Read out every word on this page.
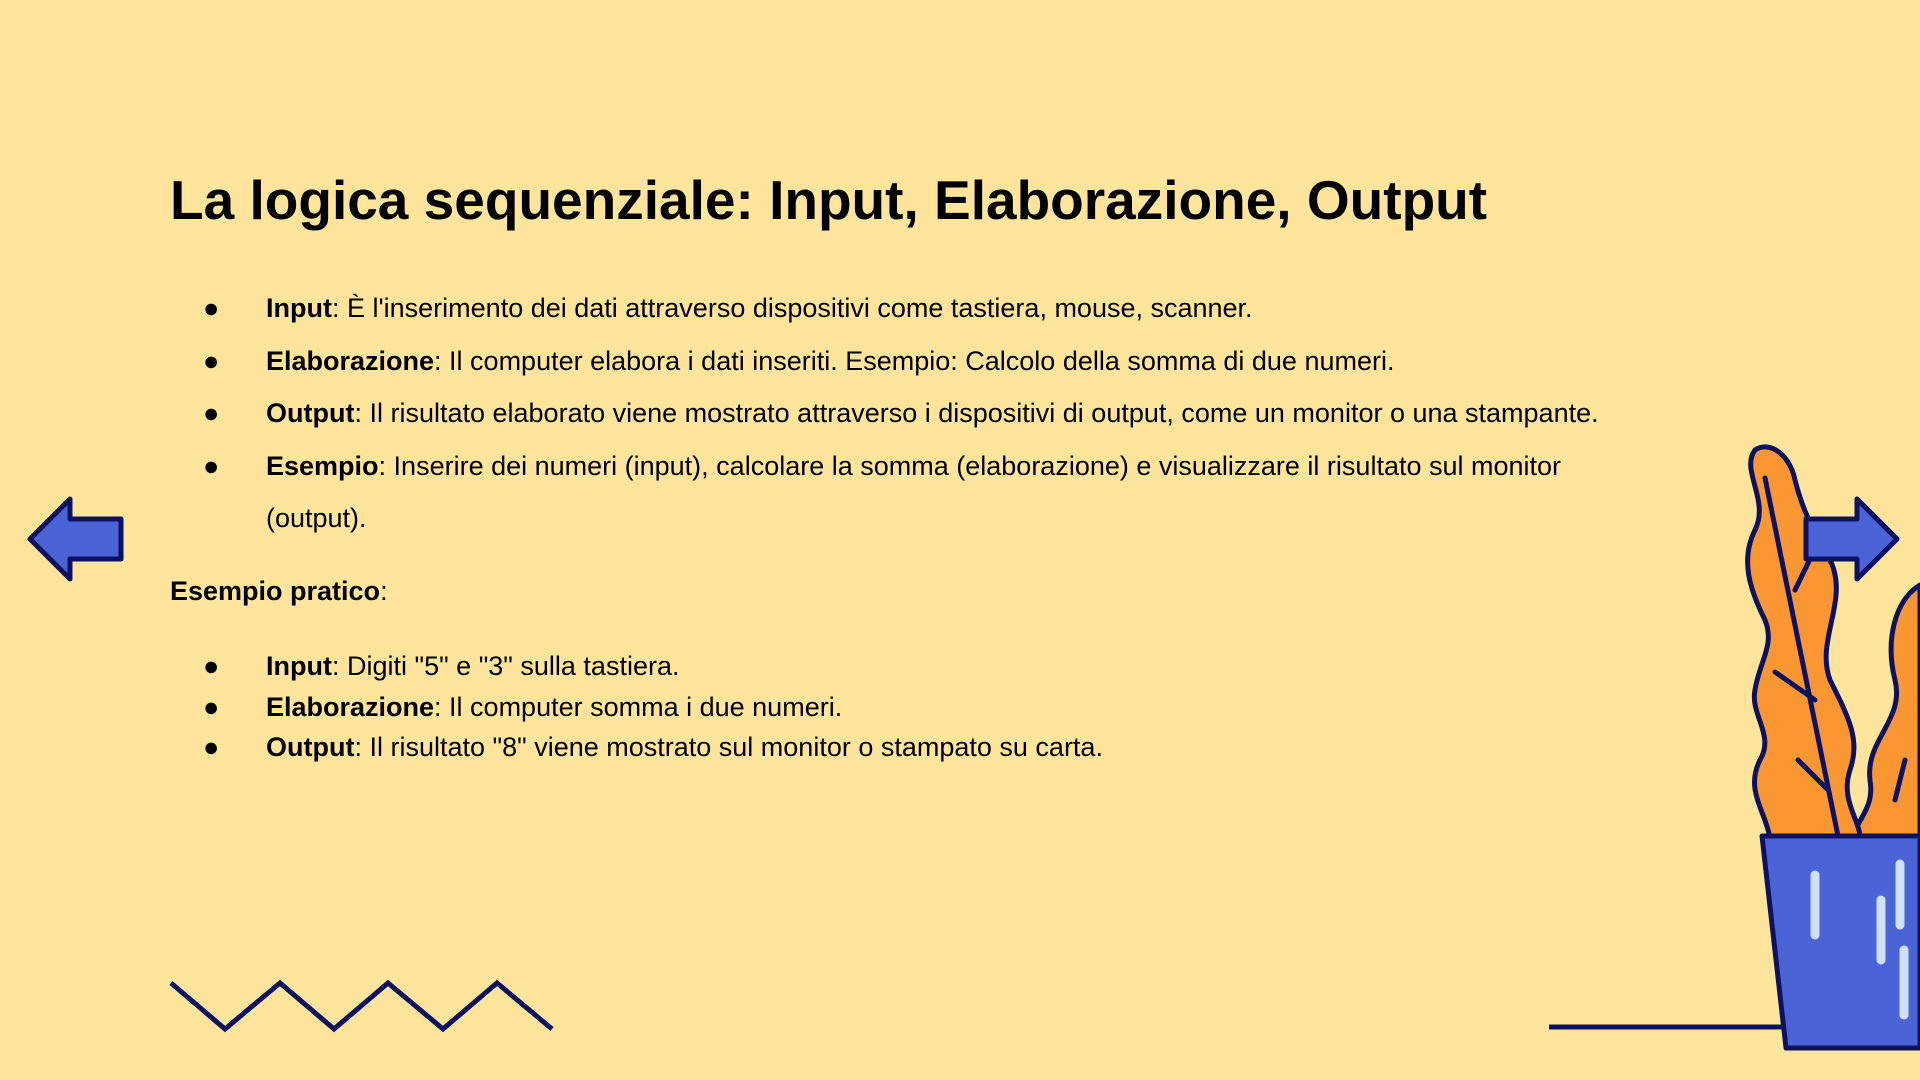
La logica sequenziale: Input, Elaborazione, Output
● Input: È l'inserimento dei dati attraverso dispositivi come tastiera, mouse, scanner.
● Elaborazione: Il computer elabora i dati inseriti. Esempio: Calcolo della somma di due numeri.
● Output: Il risultato elaborato viene mostrato attraverso i dispositivi di output, come un monitor o una stampante.
● Esempio: Inserire dei numeri (input), calcolare la somma (elaborazione) e visualizzare il risultato sul monitor
(output).
Esempio pratico:
● Input: Digiti "5" e "3" sulla tastiera.
● Elaborazione: Il computer somma i due numeri.
● Output: Il risultato "8" viene mostrato sul monitor o stampato su carta.
